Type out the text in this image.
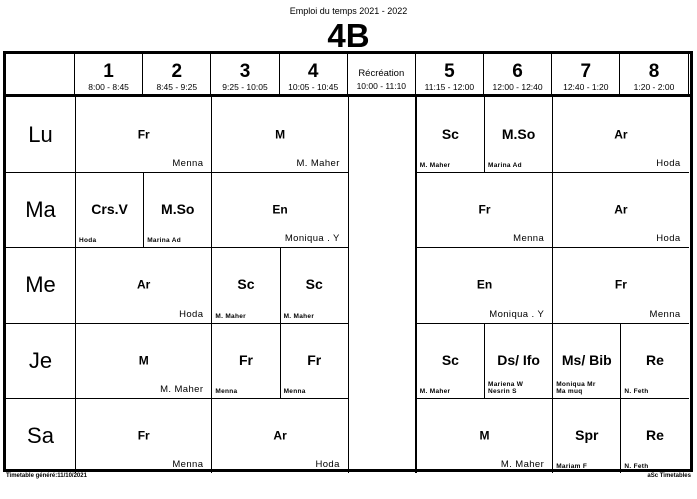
Emploi du temps 2021 - 2022
4B
1
8:00 - 8:45
2
8:45 - 9:25
3
9:25 - 10:05
4
10:05 - 10:45
Récréation
10:00 - 11:10
5
11:15 - 12:00
6
12:00 - 12:40
7
12:40 - 1:20
8
1:20 - 2:00
Lu
Ma
Me
Je
Sa
Fr
Menna
M
M. Maher
Sc
M. Maher
M.So
Marina Ad
Ar
Hoda
Crs.V
Hoda
M.So
Marina Ad
En
Moniqua . Y
Fr
Menna
Ar
Hoda
Ar
Hoda
Sc
M. Maher
Sc
M. Maher
En
Moniqua . Y
Fr
Menna
M
M. Maher
Fr
Menna
Fr
Menna
Sc
M. Maher
Ds/ Ifo
Mariena W
Nesrin S
Ms/ Bib
Moniqua Mr
Ma muq
Re
N. Feth
Fr
Menna
Ar
Hoda
M
M. Maher
Spr
Mariam F
Re
N. Feth
Timetable généré:11/10/2021	aSc Timetables
